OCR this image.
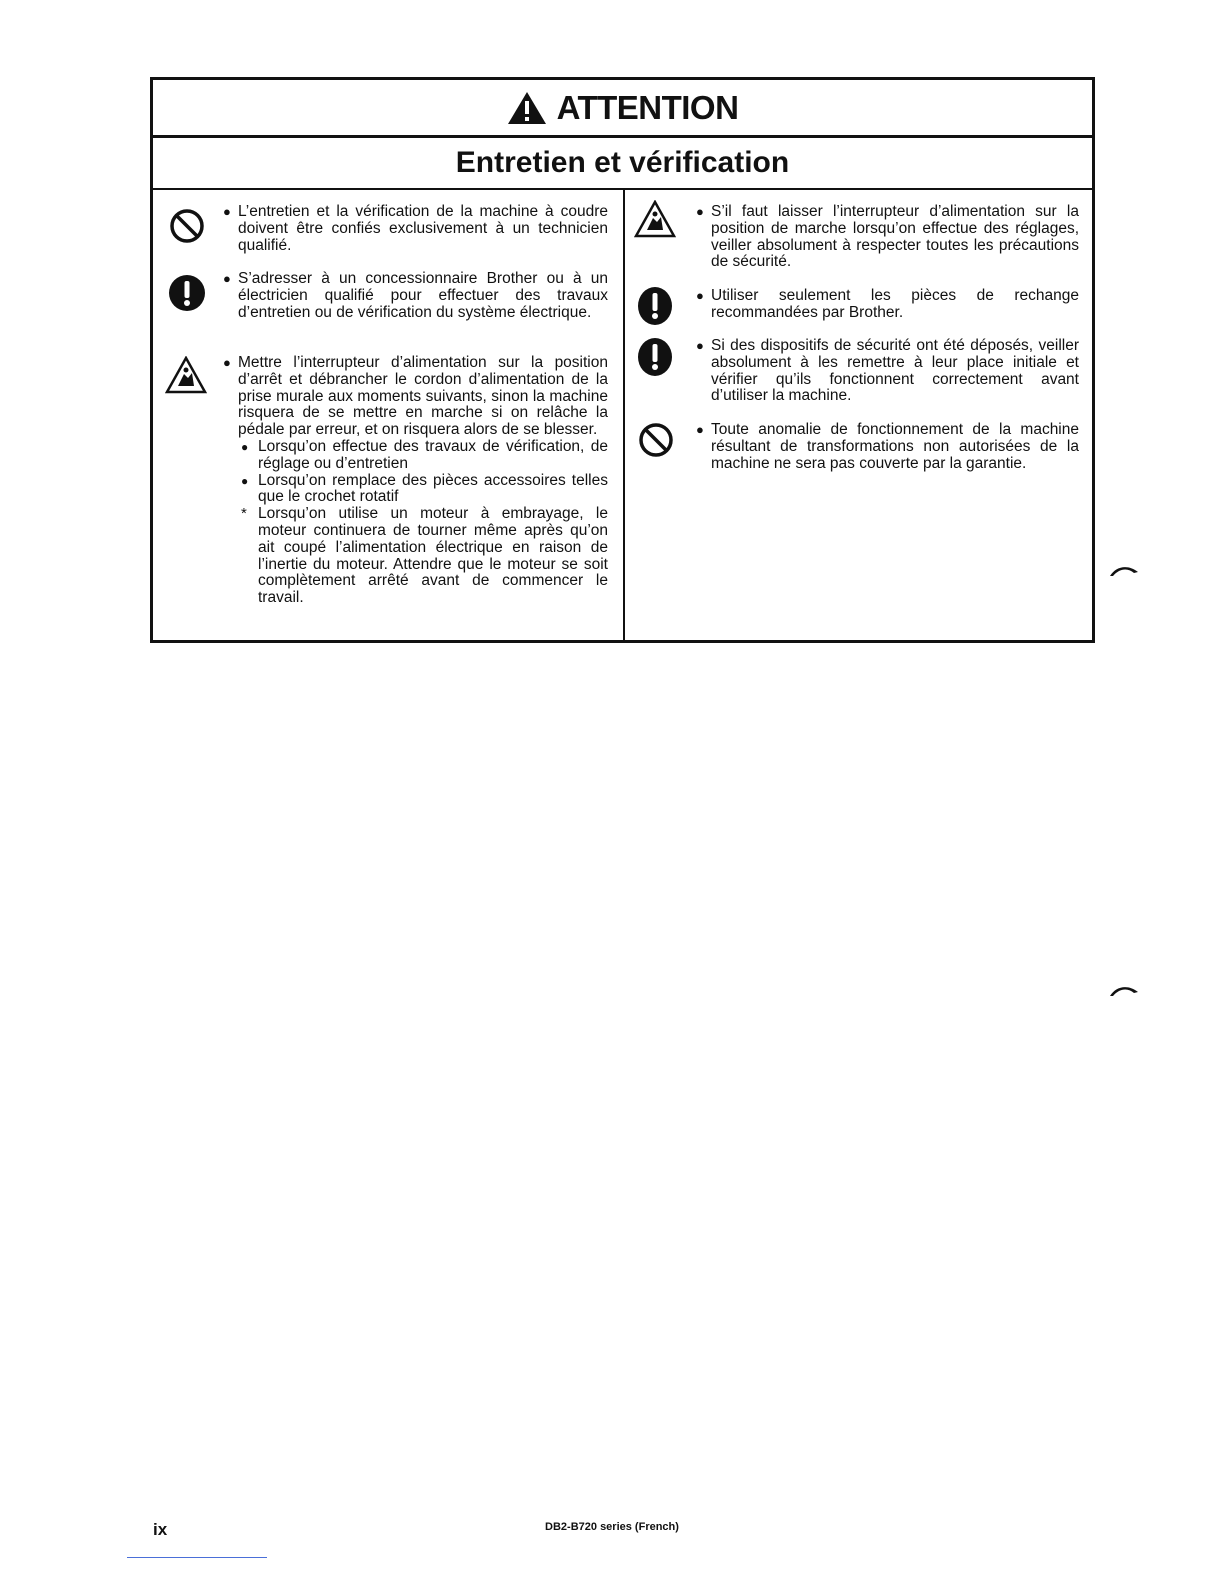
ATTENTION
Entretien et vérification
● L’entretien et la vérification de la machine à coudre doivent être confiés exclusivement à un technicien qualifié.
● S’adresser à un concessionnaire Brother ou à un électricien qualifié pour effectuer des travaux d’entretien ou de vérification du système électrique.
● Mettre l’interrupteur d’alimentation sur la position d’arrêt et débrancher le cordon d’alimentation de la prise murale aux moments suivants, sinon la machine risquera de se mettre en marche si on relâche la pédale par erreur, et on risquera alors de se blesser.
● Lorsqu’on effectue des travaux de vérification, de réglage ou d’entretien
● Lorsqu’on remplace des pièces accessoires telles que le crochet rotatif
* Lorsqu’on utilise un moteur à embrayage, le moteur continuera de tourner même après qu’on ait coupé l’alimentation électrique en raison de l’inertie du moteur. Attendre que le moteur se soit complètement arrêté avant de commencer le travail.
● S’il faut laisser l’interrupteur d’alimentation sur la position de marche lorsqu’on effectue des réglages, veiller absolument à respecter toutes les précautions de sécurité.
● Utiliser seulement les pièces de rechange recommandées par Brother.
● Si des dispositifs de sécurité ont été déposés, veiller absolument à les remettre à leur place initiale et vérifier qu’ils fonctionnent correctement avant d’utiliser la machine.
● Toute anomalie de fonctionnement de la machine résultant de transformations non autorisées de la machine ne sera pas couverte par la garantie.
ix	DB2-B720 series (French)
